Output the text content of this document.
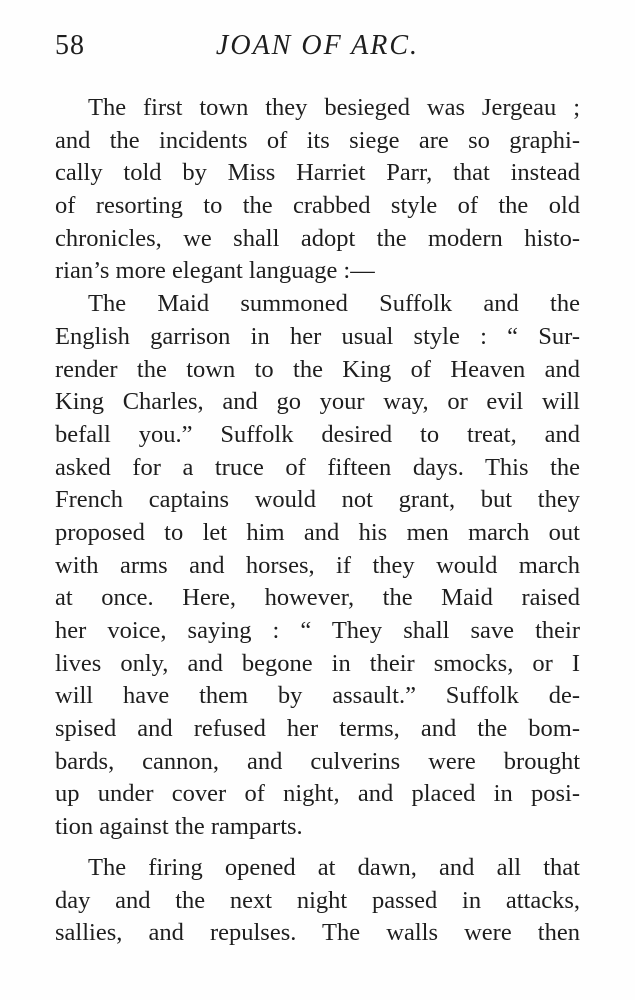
58	JOAN OF ARC.
The first town they besieged was Jergeau ;
and the incidents of its siege are so graphi-
cally told by Miss Harriet Parr, that instead
of resorting to the crabbed style of the old
chronicles, we shall adopt the modern histo-
rian’s more elegant language :—
The Maid summoned Suffolk and the
English garrison in her usual style : “ Sur-
render the town to the King of Heaven and
King Charles, and go your way, or evil will
befall you.” Suffolk desired to treat, and
asked for a truce of fifteen days. This the
French captains would not grant, but they
proposed to let him and his men march out
with arms and horses, if they would march
at once. Here, however, the Maid raised
her voice, saying : “ They shall save their
lives only, and begone in their smocks, or I
will have them by assault.” Suffolk de-
spised and refused her terms, and the bom-
bards, cannon, and culverins were brought
up under cover of night, and placed in posi-
tion against the ramparts.
The firing opened at dawn, and all that
day and the next night passed in attacks,
sallies, and repulses. The walls were then
